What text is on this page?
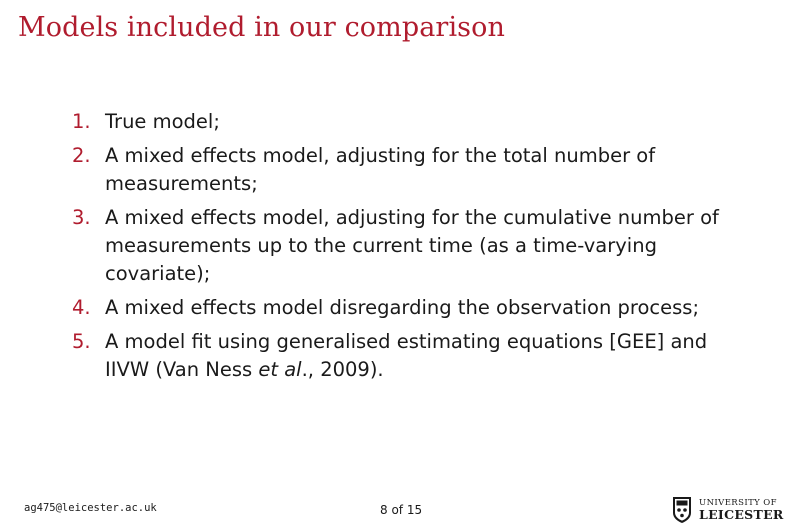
Models included in our comparison
1. True model;
2. A mixed effects model, adjusting for the total number of measurements;
3. A mixed effects model, adjusting for the cumulative number of measurements up to the current time (as a time-varying covariate);
4. A mixed effects model disregarding the observation process;
5. A model fit using generalised estimating equations [GEE] and IIVW (Van Ness et al., 2009).
ag475@leicester.ac.uk	8 of 15
UNIVERSITY OF
LEICESTER
